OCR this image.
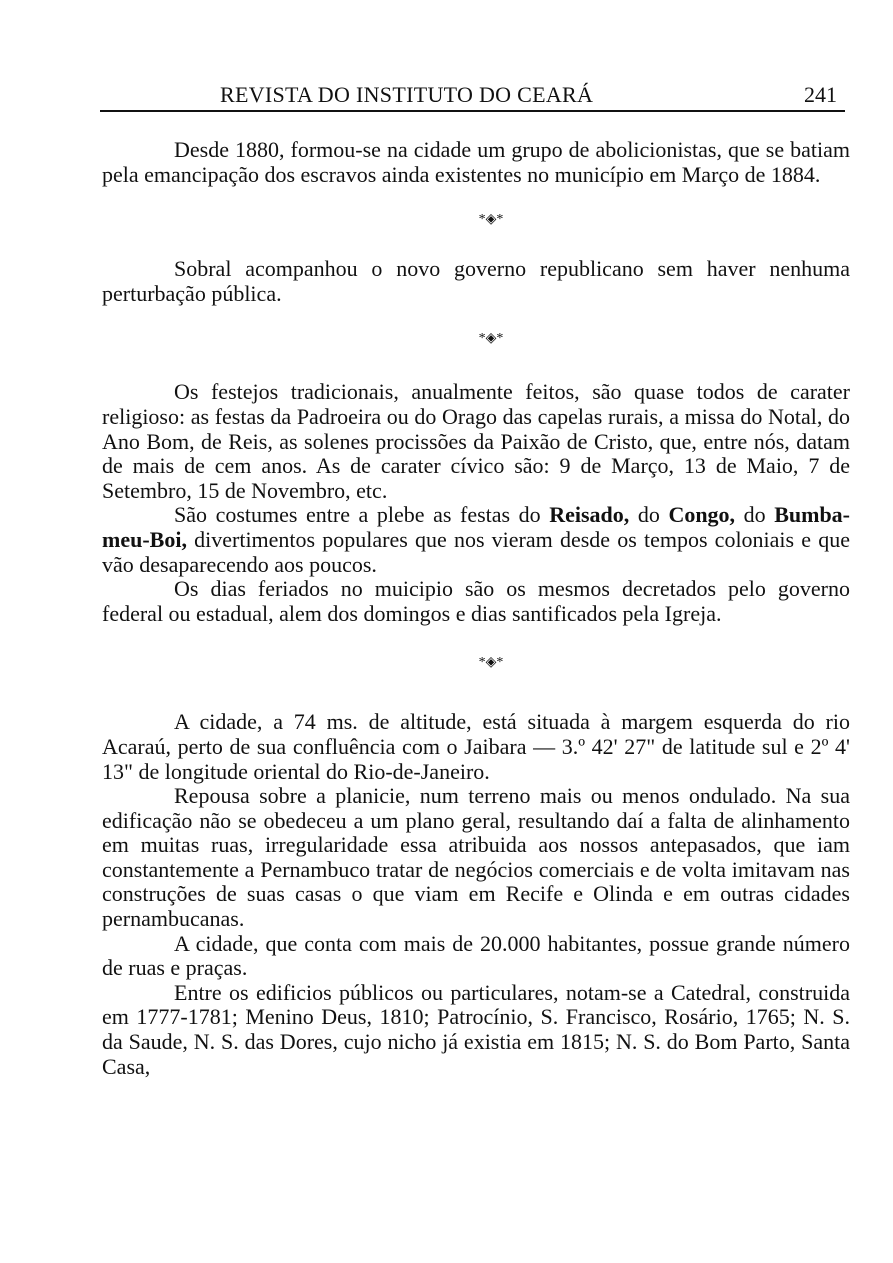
REVISTA DO INSTITUTO DO CEARÁ	241

Desde 1880, formou-se na cidade um grupo de abolicionistas, que se batiam pela emancipação dos escravos ainda existentes no município em Março de 1884.

*◈*

Sobral acompanhou o novo governo republicano sem haver nenhuma perturbação pública.

*◈*

Os festejos tradicionais, anualmente feitos, são quase todos de carater religioso: as festas da Padroeira ou do Orago das capelas rurais, a missa do Notal, do Ano Bom, de Reis, as solenes procissões da Paixão de Cristo, que, entre nós, datam de mais de cem anos. As de carater cívico são: 9 de Março, 13 de Maio, 7 de Setembro, 15 de Novembro, etc.

São costumes entre a plebe as festas do Reisado, do Congo, do Bumba-meu-Boi, divertimentos populares que nos vieram desde os tempos coloniais e que vão desaparecendo aos poucos.

Os dias feriados no muicipio são os mesmos decretados pelo governo federal ou estadual, alem dos domingos e dias santificados pela Igreja.

*◈*

A cidade, a 74 ms. de altitude, está situada à margem esquerda do rio Acaraú, perto de sua confluência com o Jaibara — 3.º 42' 27" de latitude sul e 2º 4' 13" de longitude oriental do Rio-de-Janeiro.

Repousa sobre a planicie, num terreno mais ou menos ondulado. Na sua edificação não se obedeceu a um plano geral, resultando daí a falta de alinhamento em muitas ruas, irregularidade essa atribuida aos nossos antepasados, que iam constantemente a Pernambuco tratar de negócios comerciais e de volta imitavam nas construções de suas casas o que viam em Recife e Olinda e em outras cidades pernambucanas.

A cidade, que conta com mais de 20.000 habitantes, possue grande número de ruas e praças.

Entre os edificios públicos ou particulares, notam-se a Catedral, construida em 1777-1781; Menino Deus, 1810; Patrocínio, S. Francisco, Rosário, 1765; N. S. da Saude, N. S. das Dores, cujo nicho já existia em 1815; N. S. do Bom Parto, Santa Casa,
